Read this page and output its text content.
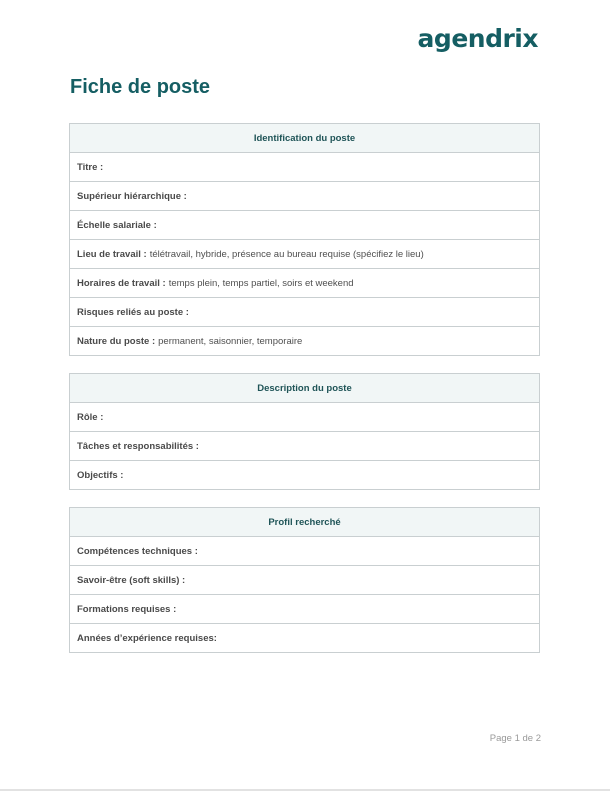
agendrix
Fiche de poste
Identification du poste
Titre :
Supérieur hiérarchique :
Échelle salariale :
Lieu de travail : télétravail, hybride, présence au bureau requise (spécifiez le lieu)
Horaires de travail : temps plein, temps partiel, soirs et weekend
Risques reliés au poste :
Nature du poste : permanent, saisonnier, temporaire
Description du poste
Rôle :
Tâches et responsabilités :
Objectifs :
Profil recherché
Compétences techniques :
Savoir-être (soft skills) :
Formations requises :
Années d’expérience requises:
Page 1 de 2
